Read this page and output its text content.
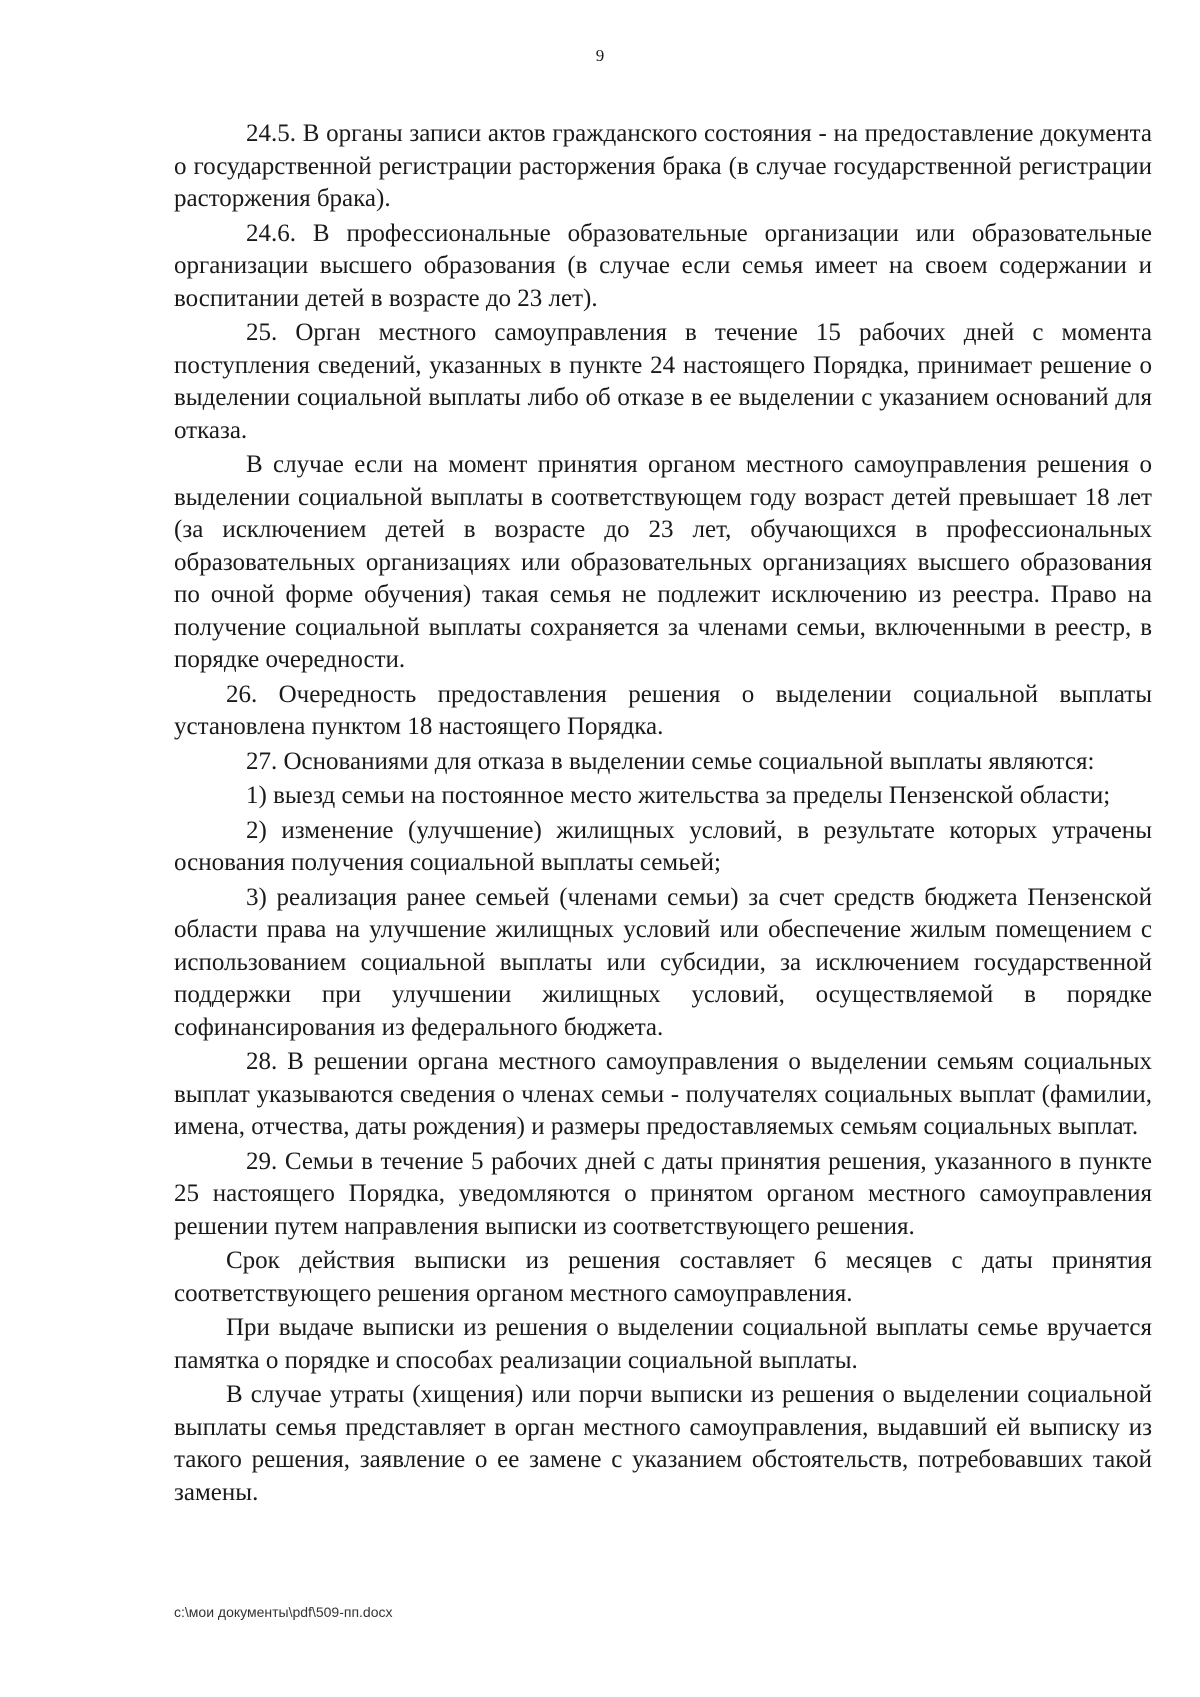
9

24.5. В органы записи актов гражданского состояния - на предоставление документа о государственной регистрации расторжения брака (в случае государственной регистрации расторжения брака).

24.6. В профессиональные образовательные организации или образовательные организации высшего образования (в случае если семья имеет на своем содержании и воспитании детей в возрасте до 23 лет).

25. Орган местного самоуправления в течение 15 рабочих дней с момента поступления сведений, указанных в пункте 24 настоящего Порядка, принимает решение о выделении социальной выплаты либо об отказе в ее выделении с указанием оснований для отказа.

В случае если на момент принятия органом местного самоуправления решения о выделении социальной выплаты в соответствующем году возраст детей превышает 18 лет (за исключением детей в возрасте до 23 лет, обучающихся в профессиональных образовательных организациях или образовательных организациях высшего образования по очной форме обучения) такая семья не подлежит исключению из реестра. Право на получение социальной выплаты сохраняется за членами семьи, включенными в реестр, в порядке очередности.

26. Очередность предоставления решения о выделении социальной выплаты установлена пунктом 18 настоящего Порядка.

27. Основаниями для отказа в выделении семье социальной выплаты являются:

1) выезд семьи на постоянное место жительства за пределы Пензенской области;

2) изменение (улучшение) жилищных условий, в результате которых утрачены основания получения социальной выплаты семьей;

3) реализация ранее семьей (членами семьи) за счет средств бюджета Пензенской области права на улучшение жилищных условий или обеспечение жилым помещением с использованием социальной выплаты или субсидии, за исключением государственной поддержки при улучшении жилищных условий, осуществляемой в порядке софинансирования из федерального бюджета.

28. В решении органа местного самоуправления о выделении семьям социальных выплат указываются сведения о членах семьи - получателях социальных выплат (фамилии, имена, отчества, даты рождения) и размеры предоставляемых семьям социальных выплат.

29. Семьи в течение 5 рабочих дней с даты принятия решения, указанного в пункте 25 настоящего Порядка, уведомляются о принятом органом местного самоуправления решении путем направления выписки из соответствующего решения.

Срок действия выписки из решения составляет 6 месяцев с даты принятия соответствующего решения органом местного самоуправления.

При выдаче выписки из решения о выделении социальной выплаты семье вручается памятка о порядке и способах реализации социальной выплаты.

В случае утраты (хищения) или порчи выписки из решения о выделении социальной выплаты семья представляет в орган местного самоуправления, выдавший ей выписку из такого решения, заявление о ее замене с указанием обстоятельств, потребовавших такой замены.

c:\мои документы\pdf\509-пп.docx
